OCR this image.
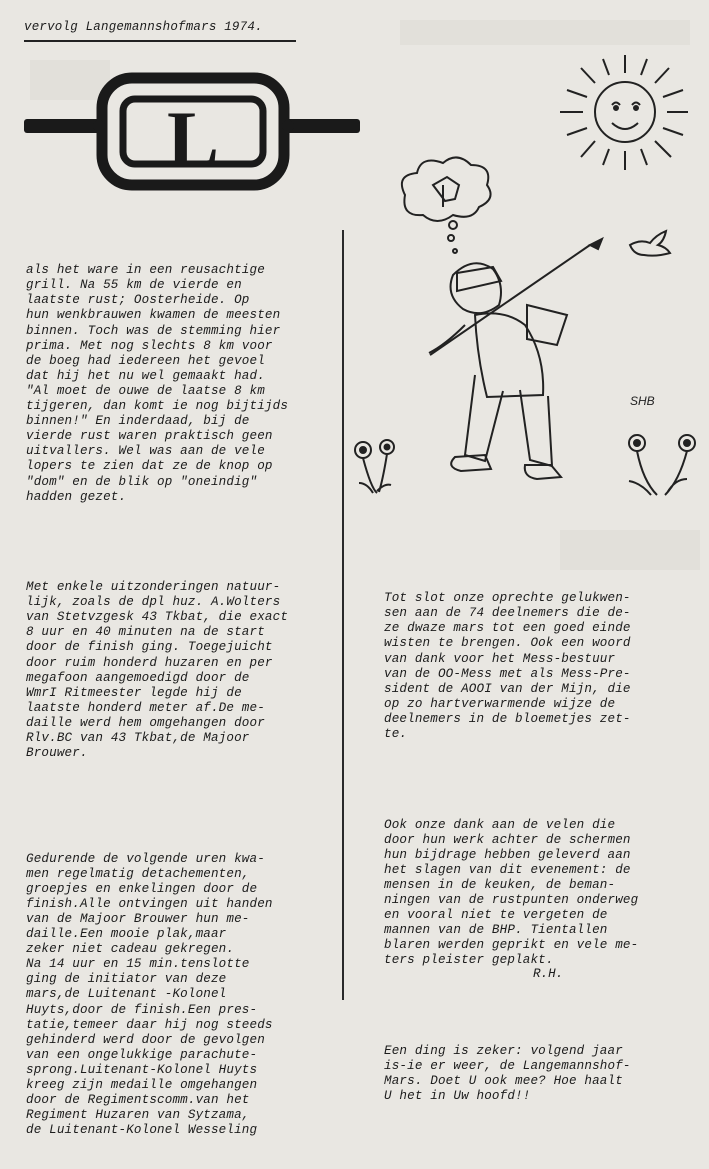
vervolg Langemannshofmars 1974.
L

als het ware in een reusachtige
grill. Na 55 km de vierde en
laatste rust; Oosterheide. Op
hun wenkbrauwen kwamen de meesten
binnen. Toch was de stemming hier
prima. Met nog slechts 8 km voor
de boeg had iedereen het gevoel
dat hij het nu wel gemaakt had.
"Al moet de ouwe de laatse 8 km
tijgeren, dan komt ie nog bijtijds
binnen!" En inderdaad, bij de
vierde rust waren praktisch geen
uitvallers. Wel was aan de vele
lopers te zien dat ze de knop op
"dom" en de blik op "oneindig"
hadden gezet.

Met enkele uitzonderingen natuur-
lijk, zoals de dpl huz. A.Wolters
van Stetvzgesk 43 Tkbat, die exact
8 uur en 40 minuten na de start
door de finish ging. Toegejuicht
door ruim honderd huzaren en per
megafoon aangemoedigd door de
WmrI Ritmeester legde hij de
laatste honderd meter af.De me-
daille werd hem omgehangen door
Rlv.BC van 43 Tkbat,de Majoor
Brouwer.

Gedurende de volgende uren kwa-
men regelmatig detachementen,
groepjes en enkelingen door de
finish.Alle ontvingen uit handen
van de Majoor Brouwer hun me-
daille.Een mooie plak,maar
zeker niet cadeau gekregen.
Na 14 uur en 15 min.tenslotte
ging de initiator van deze
mars,de Luitenant -Kolonel
Huyts,door de finish.Een pres-
tatie,temeer daar hij nog steeds
gehinderd werd door de gevolgen
van een ongelukkige parachute-
sprong.Luitenant-Kolonel Huyts
kreeg zijn medaille omgehangen
door de Regimentscomm.van het
Regiment Huzaren van Sytzama,
de Luitenant-Kolonel Wesseling

SHB

Tot slot onze oprechte gelukwen-
sen aan de 74 deelnemers die de-
ze dwaze mars tot een goed einde
wisten te brengen. Ook een woord
van dank voor het Mess-bestuur
van de OO-Mess met als Mess-Pre-
sident de AOOI van der Mijn, die
op zo hartverwarmende wijze de
deelnemers in de bloemetjes zet-
te.

Ook onze dank aan de velen die
door hun werk achter de schermen
hun bijdrage hebben geleverd aan
het slagen van dit evenement: de
mensen in de keuken, de beman-
ningen van de rustpunten onderweg
en vooral niet te vergeten de
mannen van de BHP. Tientallen
blaren werden geprikt en vele me-
ters pleister geplakt.

Een ding is zeker: volgend jaar
is-ie er weer, de Langemannshof-
Mars. Doet U ook mee? Hoe haalt
U het in Uw hoofd!!

R.H.
